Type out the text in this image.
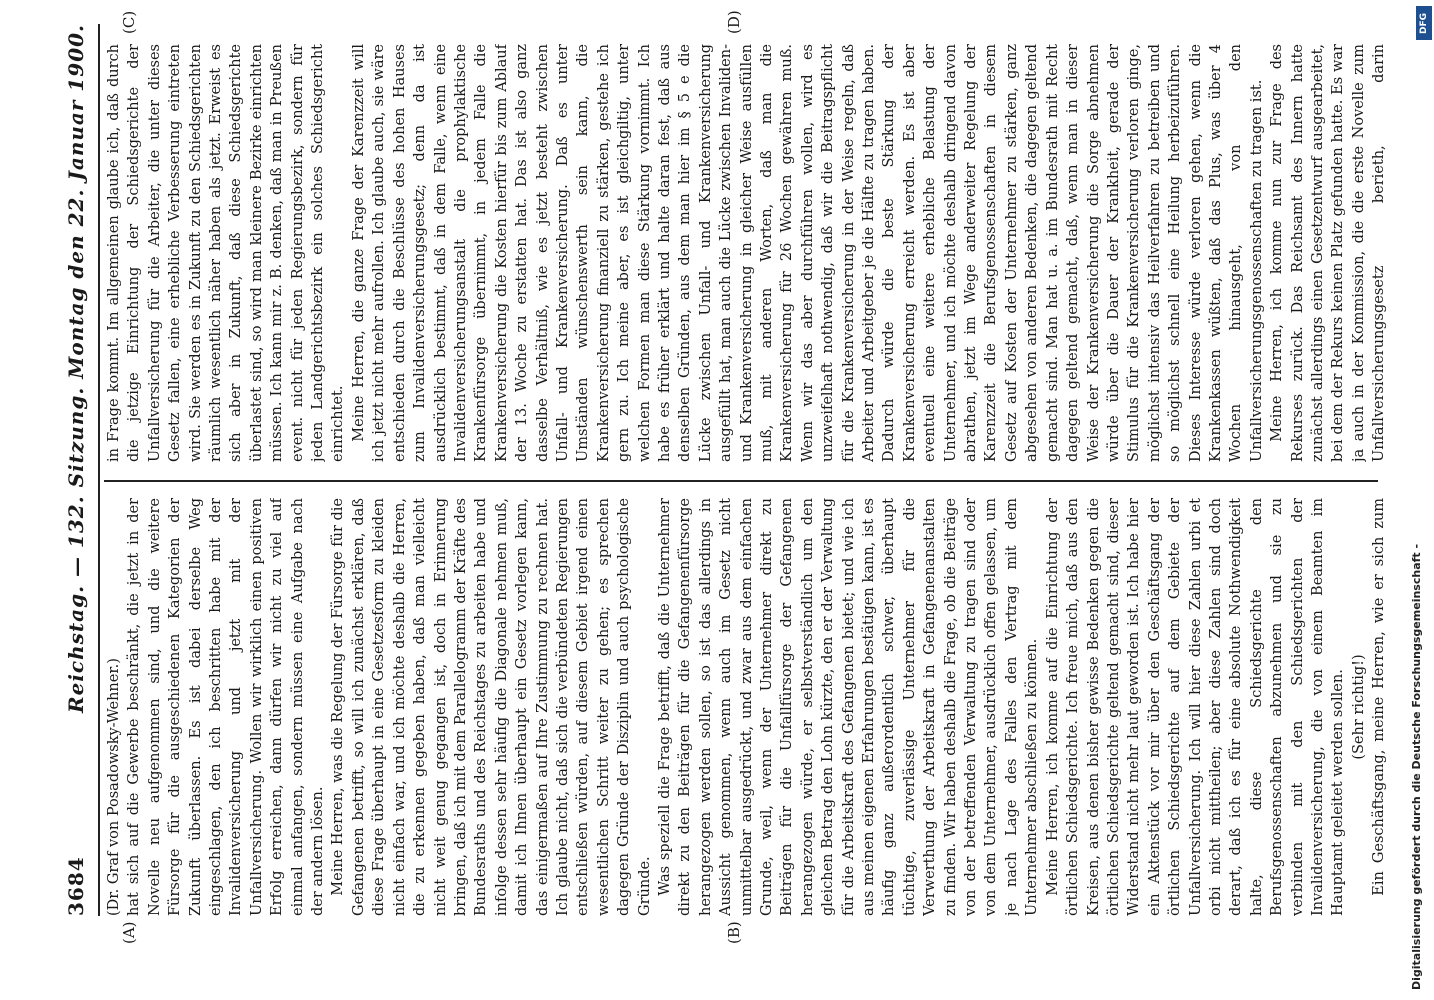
3684
Reichstag. — 132. Sitzung. Montag den 22. Januar 1900.
(A)	(B)
(C)	(D)
(Dr. Graf von Posadowsky-Wehner.) hat sich auf die Gewerbe beschränkt, die jetzt in der Novelle neu aufgenommen sind, und die weitere Fürsorge für die ausgeschiedenen Kategorien der Zukunft überlassen. Es ist dabei derselbe Weg eingeschlagen, den ich beschritten habe mit der Invalidenversicherung und jetzt mit der Unfallversicherung. Wollen wir wirklich einen positiven Erfolg erreichen, dann dürfen wir nicht zu viel auf einmal anfangen, sondern müssen eine Aufgabe nach der andern lösen. Meine Herren, was die Regelung der Fürsorge für die Gefangenen betrifft, so will ich zunächst erklären, daß diese Frage überhaupt in eine Gesetzesform zu kleiden nicht einfach war, und ich möchte deshalb die Herren, die zu erkennen gegeben haben, daß man vielleicht nicht weit genug gegangen ist, doch in Erinnerung bringen, daß ich mit dem Parallelogramm der Kräfte des Bundesraths und des Reichstages zu arbeiten habe und infolge dessen sehr häufig die Diagonale nehmen muß, damit ich Ihnen überhaupt ein Gesetz vorlegen kann, das einigermaßen auf Ihre Zustimmung zu rechnen hat. Ich glaube nicht, daß sich die verbündeten Regierungen entschließen würden, auf diesem Gebiet irgend einen wesentlichen Schritt weiter zu gehen; es sprechen dagegen Gründe der Disziplin und auch psychologische Gründe. Was speziell die Frage betrifft, daß die Unternehmer direkt zu den Beiträgen für die Gefangenenfürsorge herangezogen werden sollen, so ist das allerdings in Aussicht genommen, wenn auch im Gesetz nicht unmittelbar ausgedrückt, und zwar aus dem einfachen Grunde, weil, wenn der Unternehmer direkt zu Beiträgen für die Unfallfürsorge der Gefangenen herangezogen würde, er selbstverständlich um den gleichen Betrag den Lohn kürzte, den er der Verwaltung für die Arbeitskraft des Gefangenen bietet; und wie ich aus meinen eigenen Erfahrungen bestätigen kann, ist es häufig ganz außerordentlich schwer, überhaupt tüchtige, zuverlässige Unternehmer für die Verwerthung der Arbeitskraft in Gefangenenanstalten zu finden. Wir haben deshalb die Frage, ob die Beiträge von der betreffenden Verwaltung zu tragen sind oder von dem Unternehmer, ausdrücklich offen gelassen, um je nach Lage des Falles den Vertrag mit dem Unternehmer abschließen zu können. Meine Herren, ich komme auf die Einrichtung der örtlichen Schiedsgerichte. Ich freue mich, daß aus den Kreisen, aus denen bisher gewisse Bedenken gegen die örtlichen Schiedsgerichte geltend gemacht sind, dieser Widerstand nicht mehr laut geworden ist. Ich habe hier ein Aktenstück vor mir über den Geschäftsgang der örtlichen Schiedsgerichte auf dem Gebiete der Unfallversicherung. Ich will hier diese Zahlen urbi et orbi nicht mittheilen; aber diese Zahlen sind doch derart, daß ich es für eine absolute Nothwendigkeit halte, diese Schiedsgerichte den Berufsgenossenschaften abzunehmen und sie zu verbinden mit den Schiedsgerichten der Invalidenversicherung, die von einem Beamten im Hauptamt geleitet werden sollen. (Sehr richtig!)

Ein Geschäftsgang, meine Herren, wie er sich zum

in Frage kommt. Im allgemeinen glaube ich, daß durch die jetzige Einrichtung der Schiedsgerichte der Unfallversicherung für die Arbeiter, die unter dieses Gesetz fallen, eine erhebliche Verbesserung eintreten wird. Sie werden es in Zukunft zu den Schiedsgerichten räumlich wesentlich näher haben als jetzt. Erweist es sich aber in Zukunft, daß diese Schiedsgerichte überlastet sind, so wird man kleinere Bezirke einrichten müssen. Ich kann mir z. B. denken, daß man in Preußen event. nicht für jeden Regierungsbezirk, sondern für jeden Landgerichtsbezirk ein solches Schiedsgericht einrichtet. Meine Herren, die ganze Frage der Karenzzeit will ich jetzt nicht mehr aufrollen. Ich glaube auch, sie wäre entschieden durch die Beschlüsse des hohen Hauses zum Invalidenversicherungsgesetz; denn da ist ausdrücklich bestimmt, daß in dem Falle, wenn eine Invalidenversicherungsanstalt die prophylaktische Krankenfürsorge übernimmt, in jedem Falle die Krankenversicherung die Kosten hierfür bis zum Ablauf der 13. Woche zu erstatten hat. Das ist also ganz dasselbe Verhältniß, wie es jetzt besteht zwischen Unfall- und Krankenversicherung. Daß es unter Umständen wünschenswerth sein kann, die Krankenversicherung finanziell zu stärken, gestehe ich gern zu. Ich meine aber, es ist gleichgiltig, unter welchen Formen man diese Stärkung vornimmt. Ich habe es früher erklärt und halte daran fest, daß aus denselben Gründen, aus dem man hier im § 5 e die Lücke zwischen Unfall- und Krankenversicherung ausgefüllt hat, man auch die Lücke zwischen Invaliden- und Krankenversicherung in gleicher Weise ausfüllen muß, mit anderen Worten, daß man die Krankenversicherung für 26 Wochen gewähren muß. Wenn wir das aber durchführen wollen, wird es unzweifelhaft nothwendig, daß wir die Beitragspflicht für die Krankenversicherung in der Weise regeln, daß Arbeiter und Arbeitgeber je die Hälfte zu tragen haben. Dadurch würde die beste Stärkung der Krankenversicherung erreicht werden. Es ist aber eventuell eine weitere erhebliche Belastung der Unternehmer, und ich möchte deshalb dringend davon abrathen, jetzt im Wege anderweiter Regelung der Karenzzeit die Berufsgenossenschaften in diesem Gesetz auf Kosten der Unternehmer zu stärken, ganz abgesehen von anderen Bedenken, die dagegen geltend gemacht sind. Man hat u. a. im Bundesrath mit Recht dagegen geltend gemacht, daß, wenn man in dieser Weise der Krankenversicherung die Sorge abnehmen würde über die Dauer der Krankheit, gerade der Stimulus für die Krankenversicherung verloren ginge, möglichst intensiv das Heilverfahren zu betreiben und so möglichst schnell eine Heilung herbeizuführen. Dieses Interesse würde verloren gehen, wenn die Krankenkassen wüßten, daß das Plus, was über 4 Wochen hinausgeht, von den Unfallversicherungsgenossenschaften zu tragen ist. Meine Herren, ich komme nun zur Frage des Rekurses zurück. Das Reichsamt des Innern hatte zunächst allerdings einen Gesetzentwurf ausgearbeitet, bei dem der Rekurs keinen Platz gefunden hatte. Es war ja auch in der Kommission, die die erste Novelle zum Unfallversicherungsgesetz berieth, darin

Digitalisierung gefördert durch die Deutsche Forschungsgemeinschaft -
DFG
